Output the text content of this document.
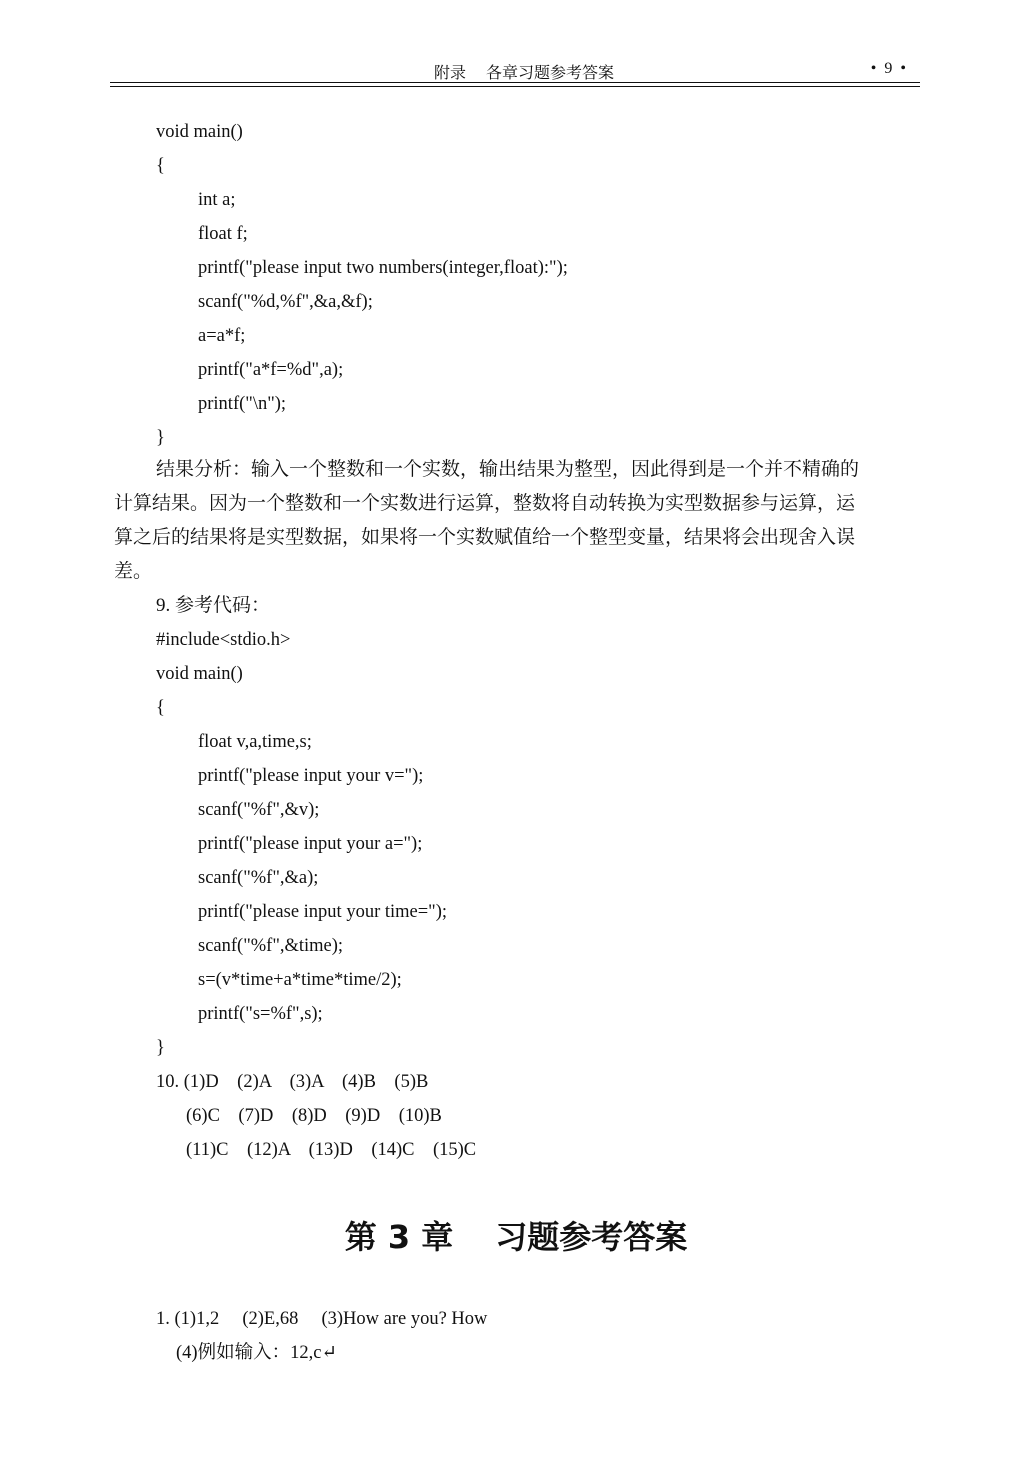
附录　 各章习题参考答案	• 9 •
void main()
{
int a;
float f;
printf("please input two numbers(integer,float):");
scanf("%d,%f",&a,&f);
a=a*f;
printf("a*f=%d",a);
printf("\n");
}
结果分析：输入一个整数和一个实数，输出结果为整型，因此得到是一个并不精确的
计算结果。因为一个整数和一个实数进行运算，整数将自动转换为实型数据参与运算，运
算之后的结果将是实型数据，如果将一个实数赋值给一个整型变量，结果将会出现舍入误
差。
9. 参考代码：
#include<stdio.h>
void main()
{
float v,a,time,s;
printf("please input your v=");
scanf("%f",&v);
printf("please input your a=");
scanf("%f",&a);
printf("please input your time=");
scanf("%f",&time);
s=(v*time+a*time*time/2);
printf("s=%f",s);
}
10. (1)D　(2)A　(3)A　(4)B　(5)B
(6)C　(7)D　(8)D　(9)D　(10)B
(11)C　(12)A　(13)D　(14)C　(15)C
第 3 章 习题参考答案
1. (1)1,2　 (2)E,68　 (3)How are you? How
(4)例如输入：12,c↵
